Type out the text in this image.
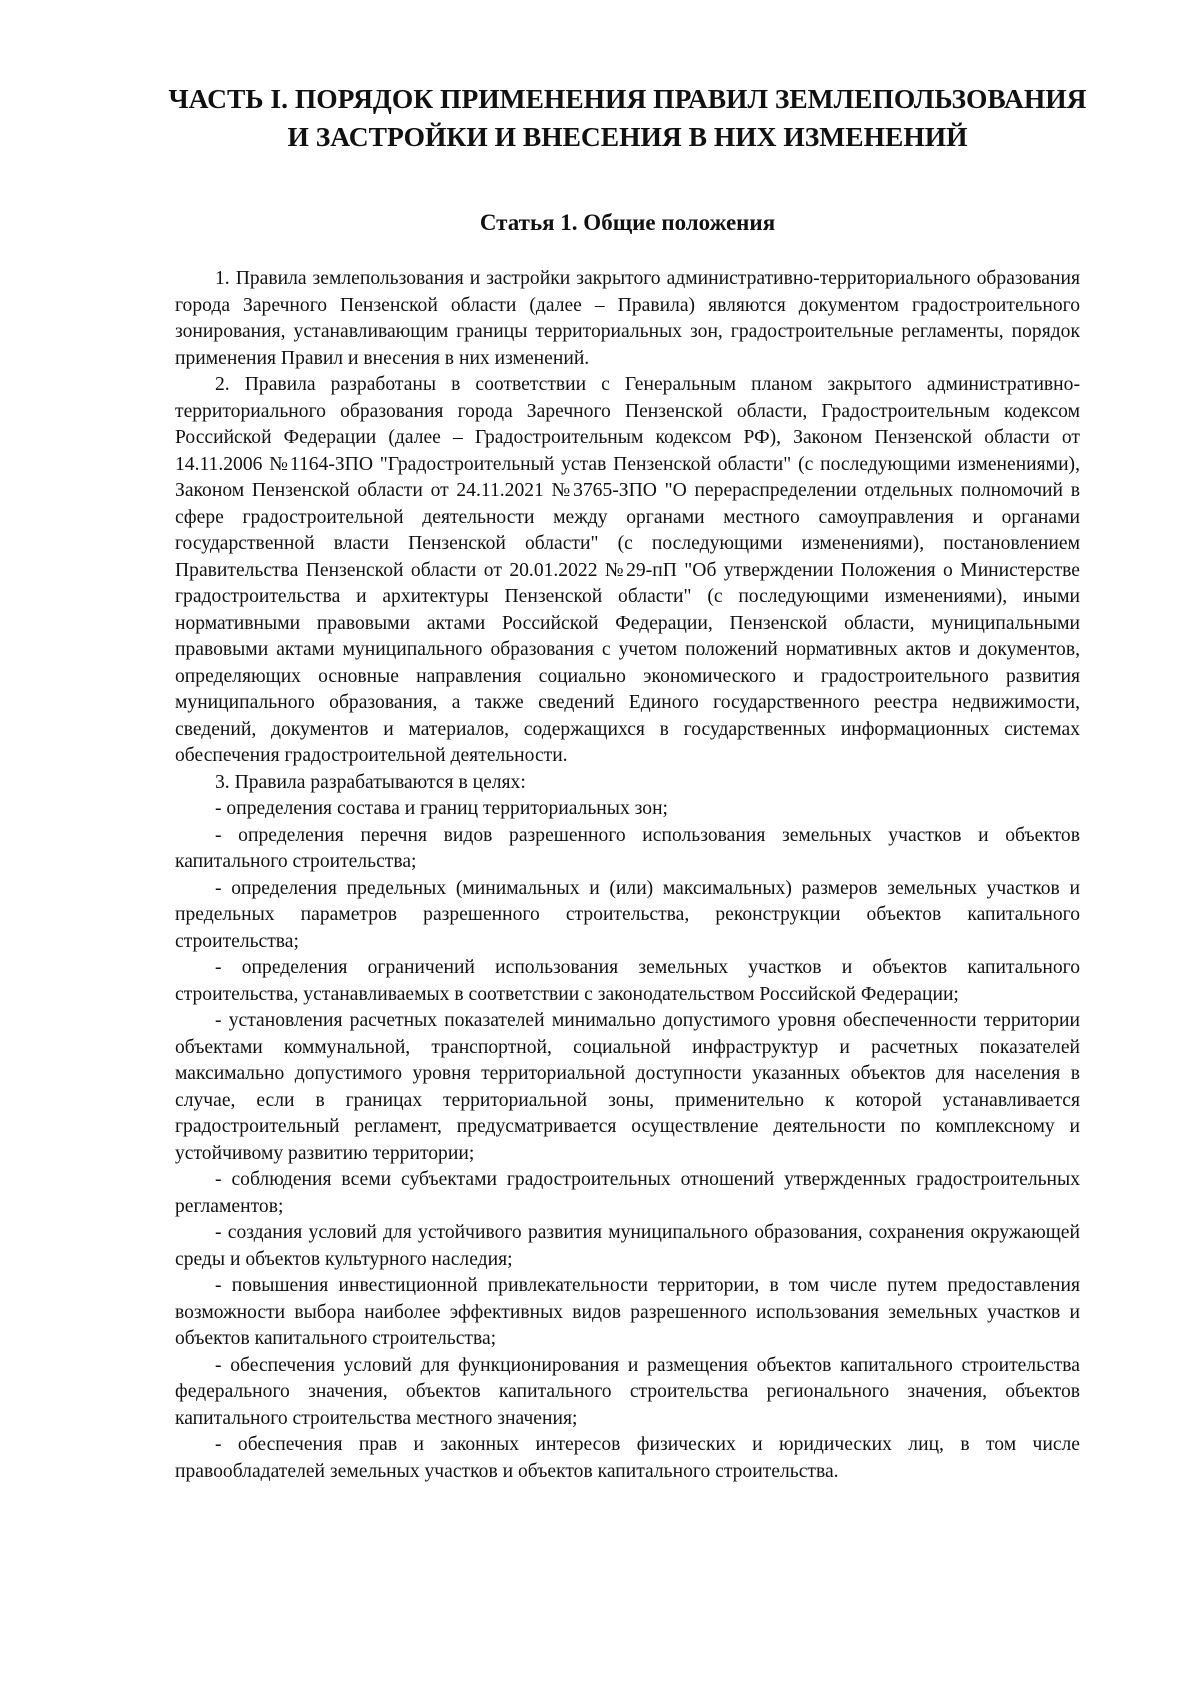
ЧАСТЬ I. ПОРЯДОК ПРИМЕНЕНИЯ ПРАВИЛ ЗЕМЛЕПОЛЬЗОВАНИЯ И ЗАСТРОЙКИ И ВНЕСЕНИЯ В НИХ ИЗМЕНЕНИЙ
Статья 1. Общие положения

1. Правила землепользования и застройки закрытого административно-территориального образования города Заречного Пензенской области (далее – Правила) являются документом градостроительного зонирования, устанавливающим границы территориальных зон, градостроительные регламенты, порядок применения Правил и внесения в них изменений.

2. Правила разработаны в соответствии с Генеральным планом закрытого административно-территориального образования города Заречного Пензенской области, Градостроительным кодексом Российской Федерации (далее – Градостроительным кодексом РФ), Законом Пензенской области от 14.11.2006 №1164-ЗПО "Градостроительный устав Пензенской области" (с последующими изменениями), Законом Пензенской области от 24.11.2021 №3765-ЗПО "О перераспределении отдельных полномочий в сфере градостроительной деятельности между органами местного самоуправления и органами государственной власти Пензенской области" (с последующими изменениями), постановлением Правительства Пензенской области от 20.01.2022 №29-пП "Об утверждении Положения о Министерстве градостроительства и архитектуры Пензенской области" (с последующими изменениями), иными нормативными правовыми актами Российской Федерации, Пензенской области, муниципальными правовыми актами муниципального образования с учетом положений нормативных актов и документов, определяющих основные направления социально экономического и градостроительного развития муниципального образования, а также сведений Единого государственного реестра недвижимости, сведений, документов и материалов, содержащихся в государственных информационных системах обеспечения градостроительной деятельности.

3. Правила разрабатываются в целях:

- определения состава и границ территориальных зон;

- определения перечня видов разрешенного использования земельных участков и объектов капитального строительства;

- определения предельных (минимальных и (или) максимальных) размеров земельных участков и предельных параметров разрешенного строительства, реконструкции объектов капитального строительства;

- определения ограничений использования земельных участков и объектов капитального строительства, устанавливаемых в соответствии с законодательством Российской Федерации;

- установления расчетных показателей минимально допустимого уровня обеспеченности территории объектами коммунальной, транспортной, социальной инфраструктур и расчетных показателей максимально допустимого уровня территориальной доступности указанных объектов для населения в случае, если в границах территориальной зоны, применительно к которой устанавливается градостроительный регламент, предусматривается осуществление деятельности по комплексному и устойчивому развитию территории;

- соблюдения всеми субъектами градостроительных отношений утвержденных градостроительных регламентов;

- создания условий для устойчивого развития муниципального образования, сохранения окружающей среды и объектов культурного наследия;

- повышения инвестиционной привлекательности территории, в том числе путем предоставления возможности выбора наиболее эффективных видов разрешенного использования земельных участков и объектов капитального строительства;

- обеспечения условий для функционирования и размещения объектов капитального строительства федерального значения, объектов капитального строительства регионального значения, объектов капитального строительства местного значения;

- обеспечения прав и законных интересов физических и юридических лиц, в том числе правообладателей земельных участков и объектов капитального строительства.
